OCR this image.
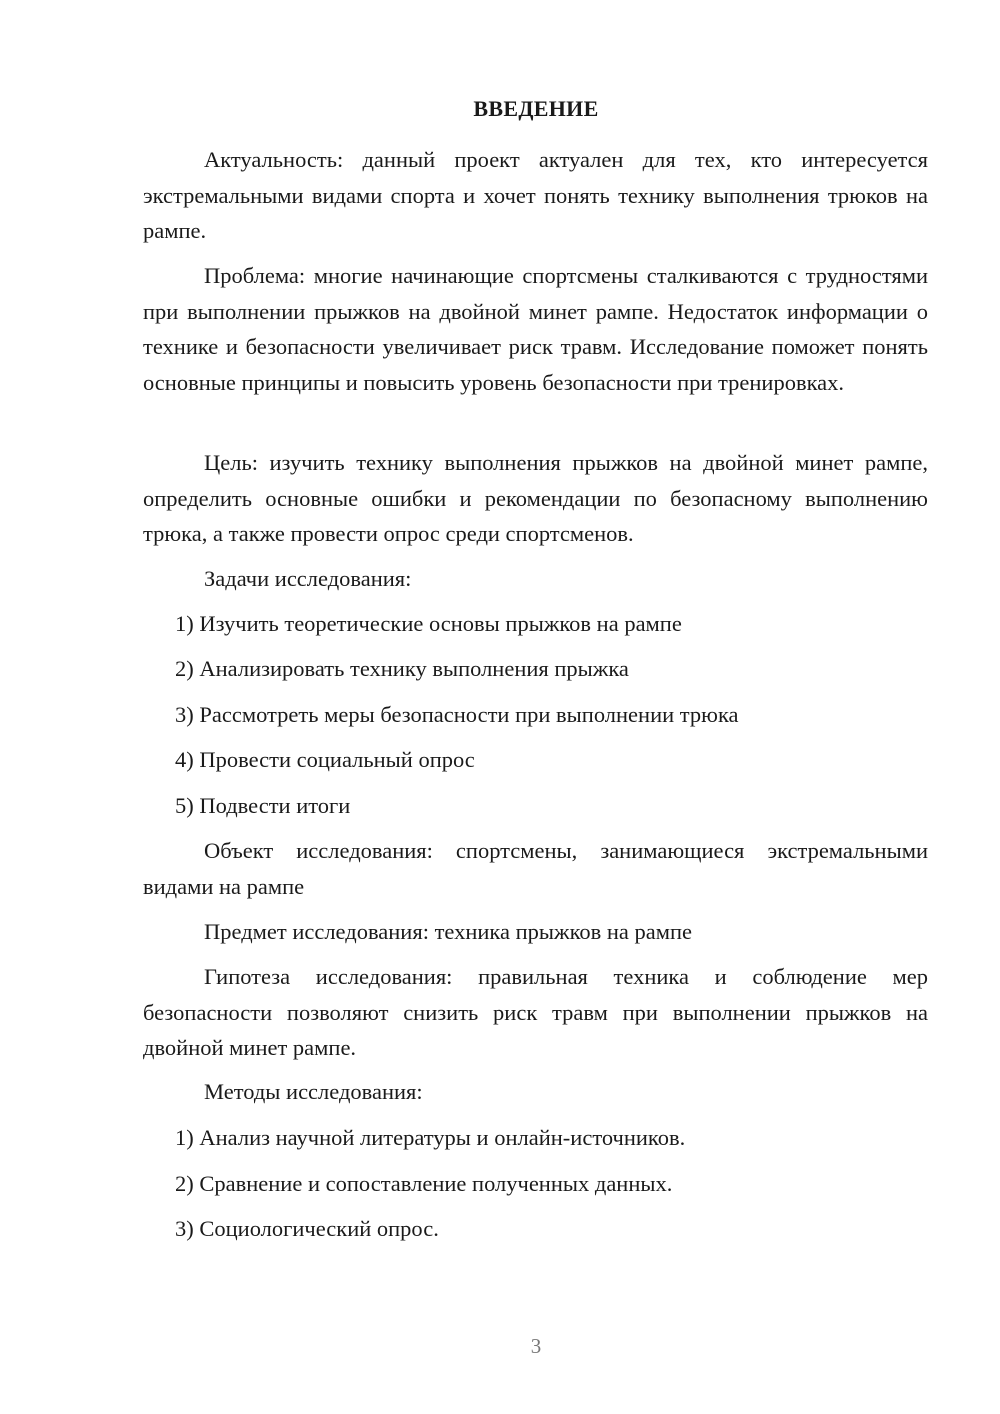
ВВЕДЕНИЕ

Актуальность: данный проект актуален для тех, кто интересуется экстремальными видами спорта и хочет понять технику выполнения трюков на рампе.

Проблема: многие начинающие спортсмены сталкиваются с трудностями при выполнении прыжков на двойной минет рампе. Недостаток информации о технике и безопасности увеличивает риск травм. Исследование поможет понять основные принципы и повысить уровень безопасности при тренировках.

Цель: изучить технику выполнения прыжков на двойной минет рампе, определить основные ошибки и рекомендации по безопасному выполнению трюка, а также провести опрос среди спортсменов.

Задачи исследования:

1) Изучить теоретические основы прыжков на рампе

2) Анализировать технику выполнения прыжка

3) Рассмотреть меры безопасности при выполнении трюка

4) Провести социальный опрос

5) Подвести итоги

Объект исследования: спортсмены, занимающиеся экстремальными видами на рампе

Предмет исследования: техника прыжков на рампе

Гипотеза исследования: правильная техника и соблюдение мер безопасности позволяют снизить риск травм при выполнении прыжков на двойной минет рампе.

Методы исследования:

1) Анализ научной литературы и онлайн-источников.

2) Сравнение и сопоставление полученных данных.

3) Социологический опрос.

3
